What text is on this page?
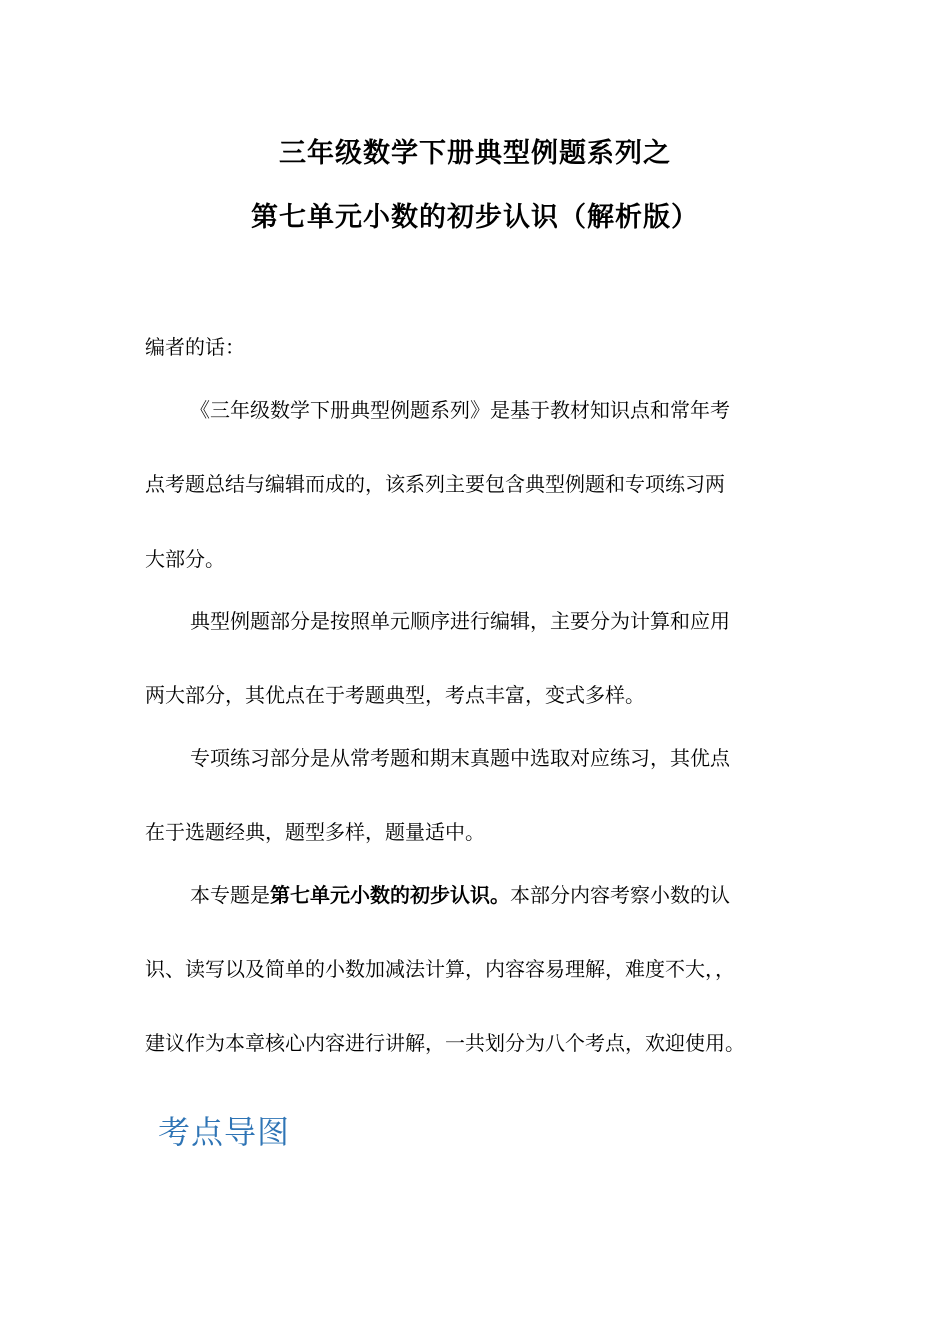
三年级数学下册典型例题系列之
第七单元小数的初步认识（解析版）
编者的话：
《三年级数学下册典型例题系列》是基于教材知识点和常年考
点考题总结与编辑而成的，该系列主要包含典型例题和专项练习两
大部分。
典型例题部分是按照单元顺序进行编辑，主要分为计算和应用
两大部分，其优点在于考题典型，考点丰富，变式多样。
专项练习部分是从常考题和期末真题中选取对应练习，其优点
在于选题经典，题型多样，题量适中。
本专题是第七单元小数的初步认识。本部分内容考察小数的认
识、读写以及简单的小数加减法计算，内容容易理解，难度不大，，
建议作为本章核心内容进行讲解，一共划分为八个考点，欢迎使用。
考点导图
